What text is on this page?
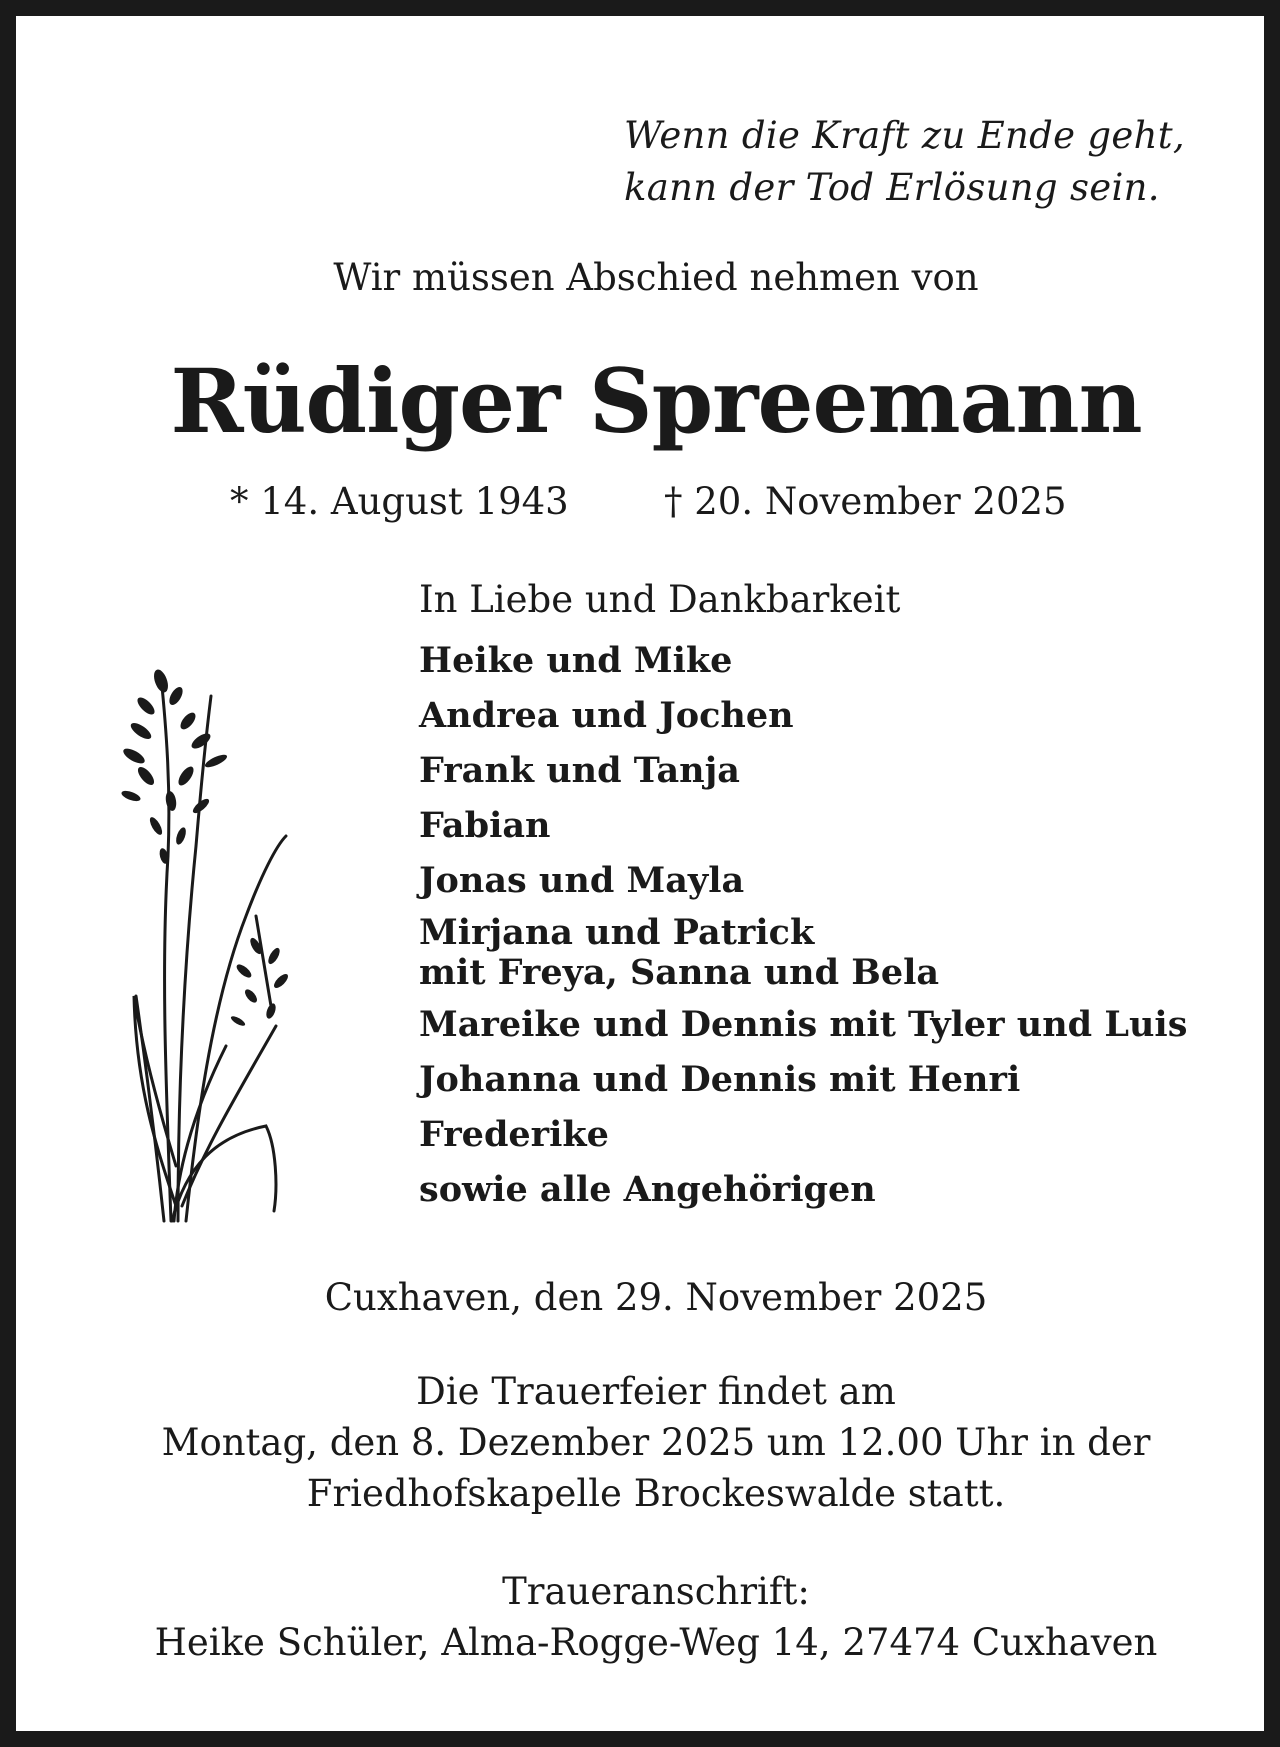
Wenn die Kraft zu Ende geht,
kann der Tod Erlösung sein.
Wir müssen Abschied nehmen von
Rüdiger Spreemann
* 14. August 1943	† 20. November 2025
In Liebe und Dankbarkeit
Heike und Mike
Andrea und Jochen
Frank und Tanja
Fabian
Jonas und Mayla
Mirjana und Patrick
mit Freya, Sanna und Bela
Mareike und Dennis mit Tyler und Luis
Johanna und Dennis mit Henri
Frederike
sowie alle Angehörigen
Cuxhaven, den 29. November 2025
Die Trauerfeier findet am
Montag, den 8. Dezember 2025 um 12.00 Uhr in der
Friedhofskapelle Brockeswalde statt.
Traueranschrift:
Heike Schüler, Alma-Rogge-Weg 14, 27474 Cuxhaven
